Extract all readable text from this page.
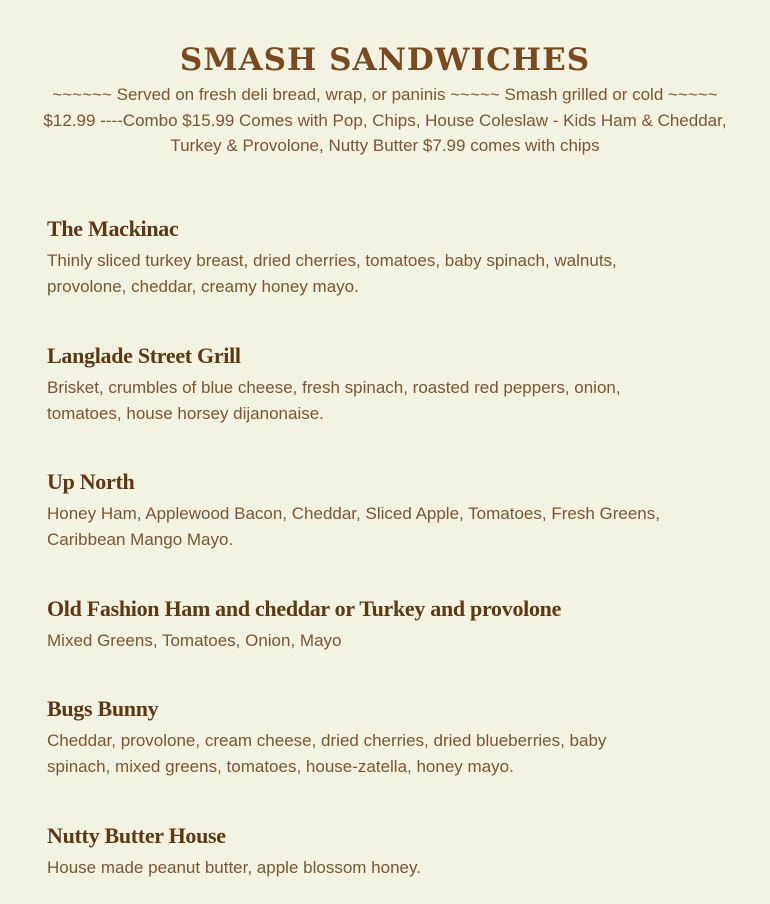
SMASH SANDWICHES
~~~~~~ Served on fresh deli bread, wrap, or paninis ~~~~~ Smash grilled or cold ~~~~~ $12.99 ----Combo $15.99 Comes with Pop, Chips, House Coleslaw - Kids Ham & Cheddar, Turkey & Provolone, Nutty Butter $7.99 comes with chips
The Mackinac

Thinly sliced turkey breast, dried cherries, tomatoes, baby spinach, walnuts, provolone, cheddar, creamy honey mayo.

Langlade Street Grill

Brisket, crumbles of blue cheese, fresh spinach, roasted red peppers, onion, tomatoes, house horsey dijanonaise.

Up North

Honey Ham, Applewood Bacon, Cheddar, Sliced Apple, Tomatoes, Fresh Greens, Caribbean Mango Mayo.

Old Fashion Ham and cheddar or Turkey and provolone

Mixed Greens, Tomatoes, Onion, Mayo

Bugs Bunny

Cheddar, provolone, cream cheese, dried cherries, dried blueberries, baby spinach, mixed greens, tomatoes, house-zatella, honey mayo.

Nutty Butter House

House made peanut butter, apple blossom honey.
